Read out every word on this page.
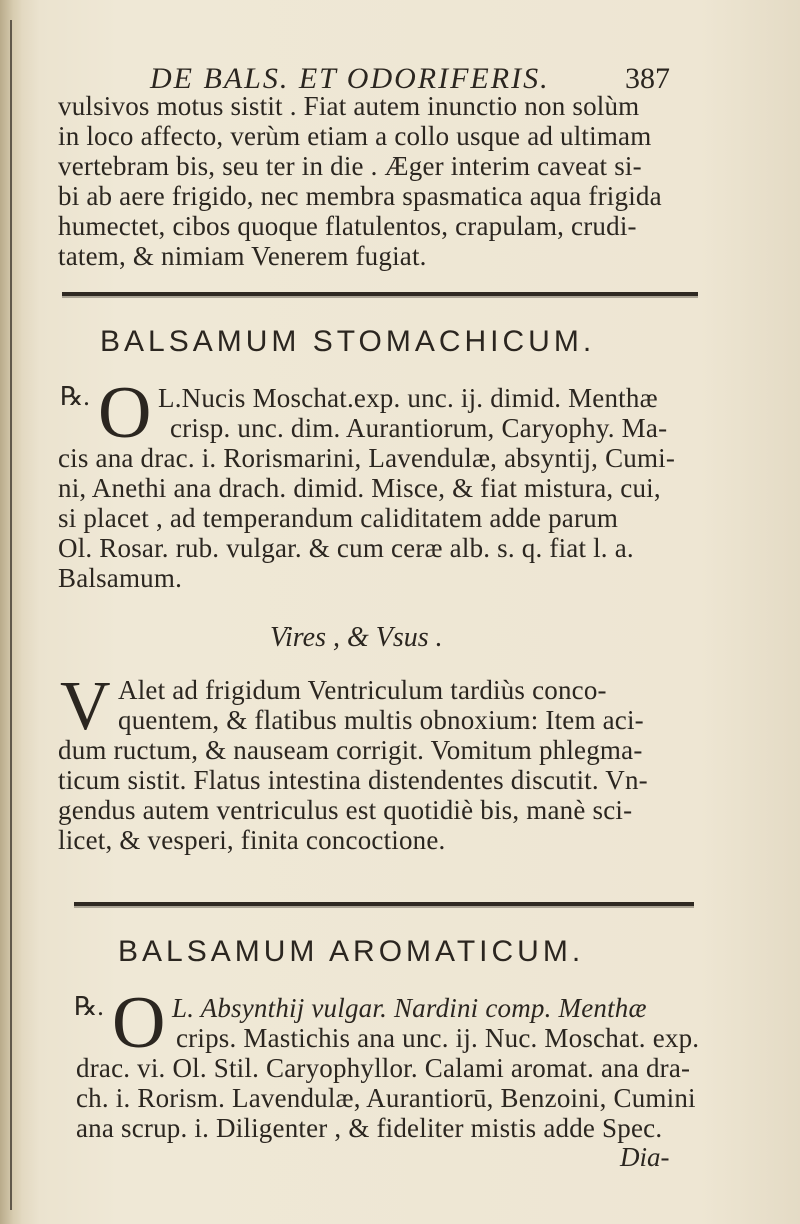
DE BALS. ET ODORIFERIS.	387
vulsivos motus sistit . Fiat autem inunctio non solùm
in loco affecto, verùm etiam a collo usque ad ultimam
vertebram bis, seu ter in die . Æger interim caveat si-
bi ab aere frigido, nec membra spasmatica aqua frigida
humectet, cibos quoque flatulentos, crapulam, crudi-
tatem, & nimiam Venerem fugiat.
BALSAMUM STOMACHICUM.
℞. O L.Nucis Moschat.exp. unc. ij. dimid. Menthæ
crisp. unc. dim. Aurantiorum, Caryophy. Ma-
cis ana drac. i. Rorismarini, Lavendulæ, absyntij, Cumi-
ni, Anethi ana drach. dimid. Misce, & fiat mistura, cui,
si placet , ad temperandum caliditatem adde parum
Ol. Rosar. rub. vulgar. & cum ceræ alb. s. q. fiat l. a.
Balsamum.
Vires , & Vsus .
V Alet ad frigidum Ventriculum tardiùs conco-
quentem, & flatibus multis obnoxium: Item aci-
dum ructum, & nauseam corrigit. Vomitum phlegma-
ticum sistit. Flatus intestina distendentes discutit. Vn-
gendus autem ventriculus est quotidiè bis, manè sci-
licet, & vesperi, finita concoctione.
BALSAMUM AROMATICUM.
℞. O L. Absynthij vulgar. Nardini comp. Menthæ
crips. Mastichis ana unc. ij. Nuc. Moschat. exp.
drac. vi. Ol. Stil. Caryophyllor. Calami aromat. ana dra-
ch. i. Rorism. Lavendulæ, Aurantiorū, Benzoini, Cumini
ana scrup. i. Diligenter , & fideliter mistis adde Spec.
Dia-
